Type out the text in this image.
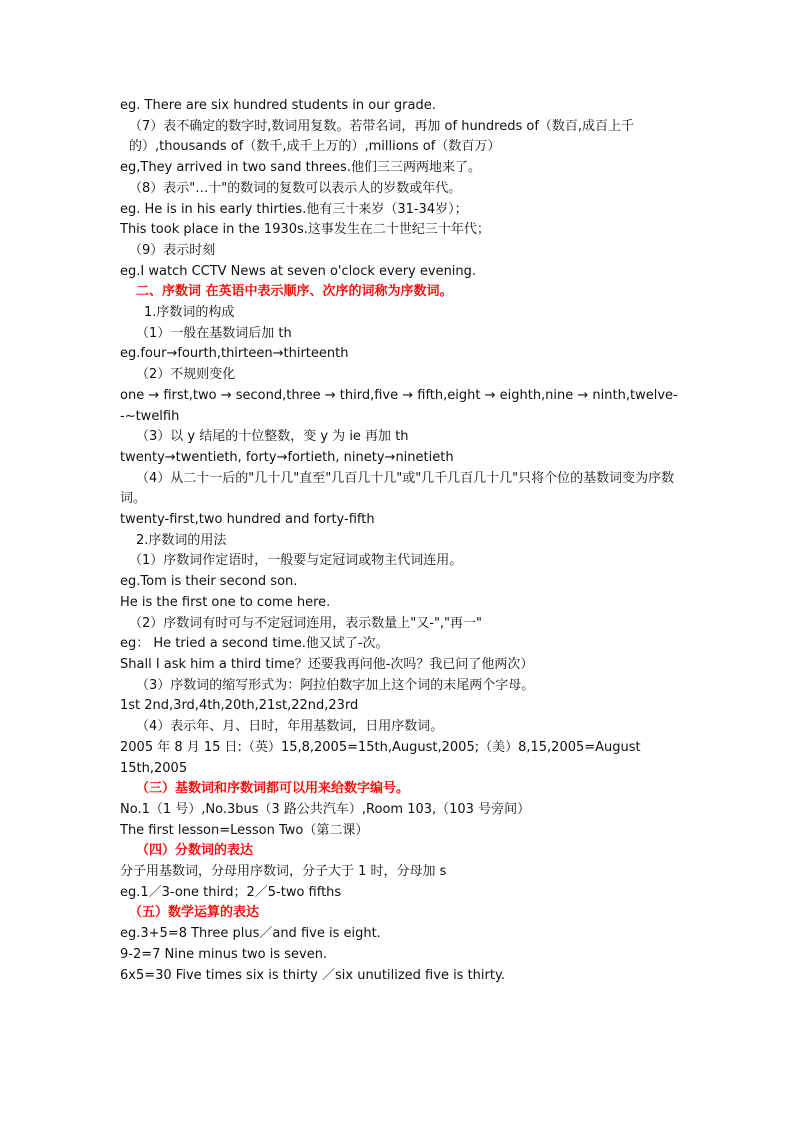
eg. There are six hundred students in our grade.
（7）表不确定的数字时,数词用复数。若带名词，再加 of hundreds of（数百,成百上千的）,thousands of（数千,成千上万的）,millions of（数百万）
eg,They arrived in two sand threes.他们三三两两地来了。
（8）表示"…十"的数词的复数可以表示人的岁数或年代。
eg. He is in his early thirties.他有三十来岁（31-34岁）；
This took place in the 1930s.这事发生在二十世纪三十年代；
（9）表示时刻
eg.I watch CCTV News at seven o'clock every evening.
二、序数词 在英语中表示顺序、次序的词称为序数词。
1.序数词的构成
（1）一般在基数词后加 th
eg.four→fourth,thirteen→thirteenth
（2）不规则变化
one → first,two → second,three → third,five → fifth,eight → eighth,nine → ninth,twelve--~twelfih
（3）以 y 结尾的十位整数，变 y 为 ie 再加 th
twenty→twentieth, forty→fortieth, ninety→ninetieth
（4）从二十一后的"几十几"直至"几百几十几"或"几千几百几十几"只将个位的基数词变为序数词。
twenty-first,two hundred and forty-fifth
2.序数词的用法
（1）序数词作定语时，一般要与定冠词或物主代词连用。
eg.Tom is their second son.
He is the first one to come here.
（2）序数词有时可与不定冠词连用，表示数量上"又-","再一"
eg： He tried a second time.他又试了-次。
Shall I ask him a third time？还要我再问他-次吗？我已问了他两次）
（3）序数词的缩写形式为：阿拉伯数字加上这个词的末尾两个字母。
1st 2nd,3rd,4th,20th,21st,22nd,23rd
（4）表示年、月、日时，年用基数词，日用序数词。
2005 年 8 月 15 日:（英）15,8,2005=15th,August,2005;（美）8,15,2005=August 15th,2005
（三）基数词和序数词都可以用来给数字编号。
No.1（1 号）,No.3bus（3 路公共汽车）,Room 103,（103 号旁间）
The first lesson=Lesson Two（第二课）
（四）分数词的表达
分子用基数词，分母用序数词，分子大于 1 时，分母加 s
eg.1／3-one third；2／5-two fifths
（五）数学运算的表达
eg.3+5=8 Three plus／and five is eight.
9-2=7 Nine minus two is seven.
6x5=30 Five times six is thirty ／six unutilized five is thirty.
